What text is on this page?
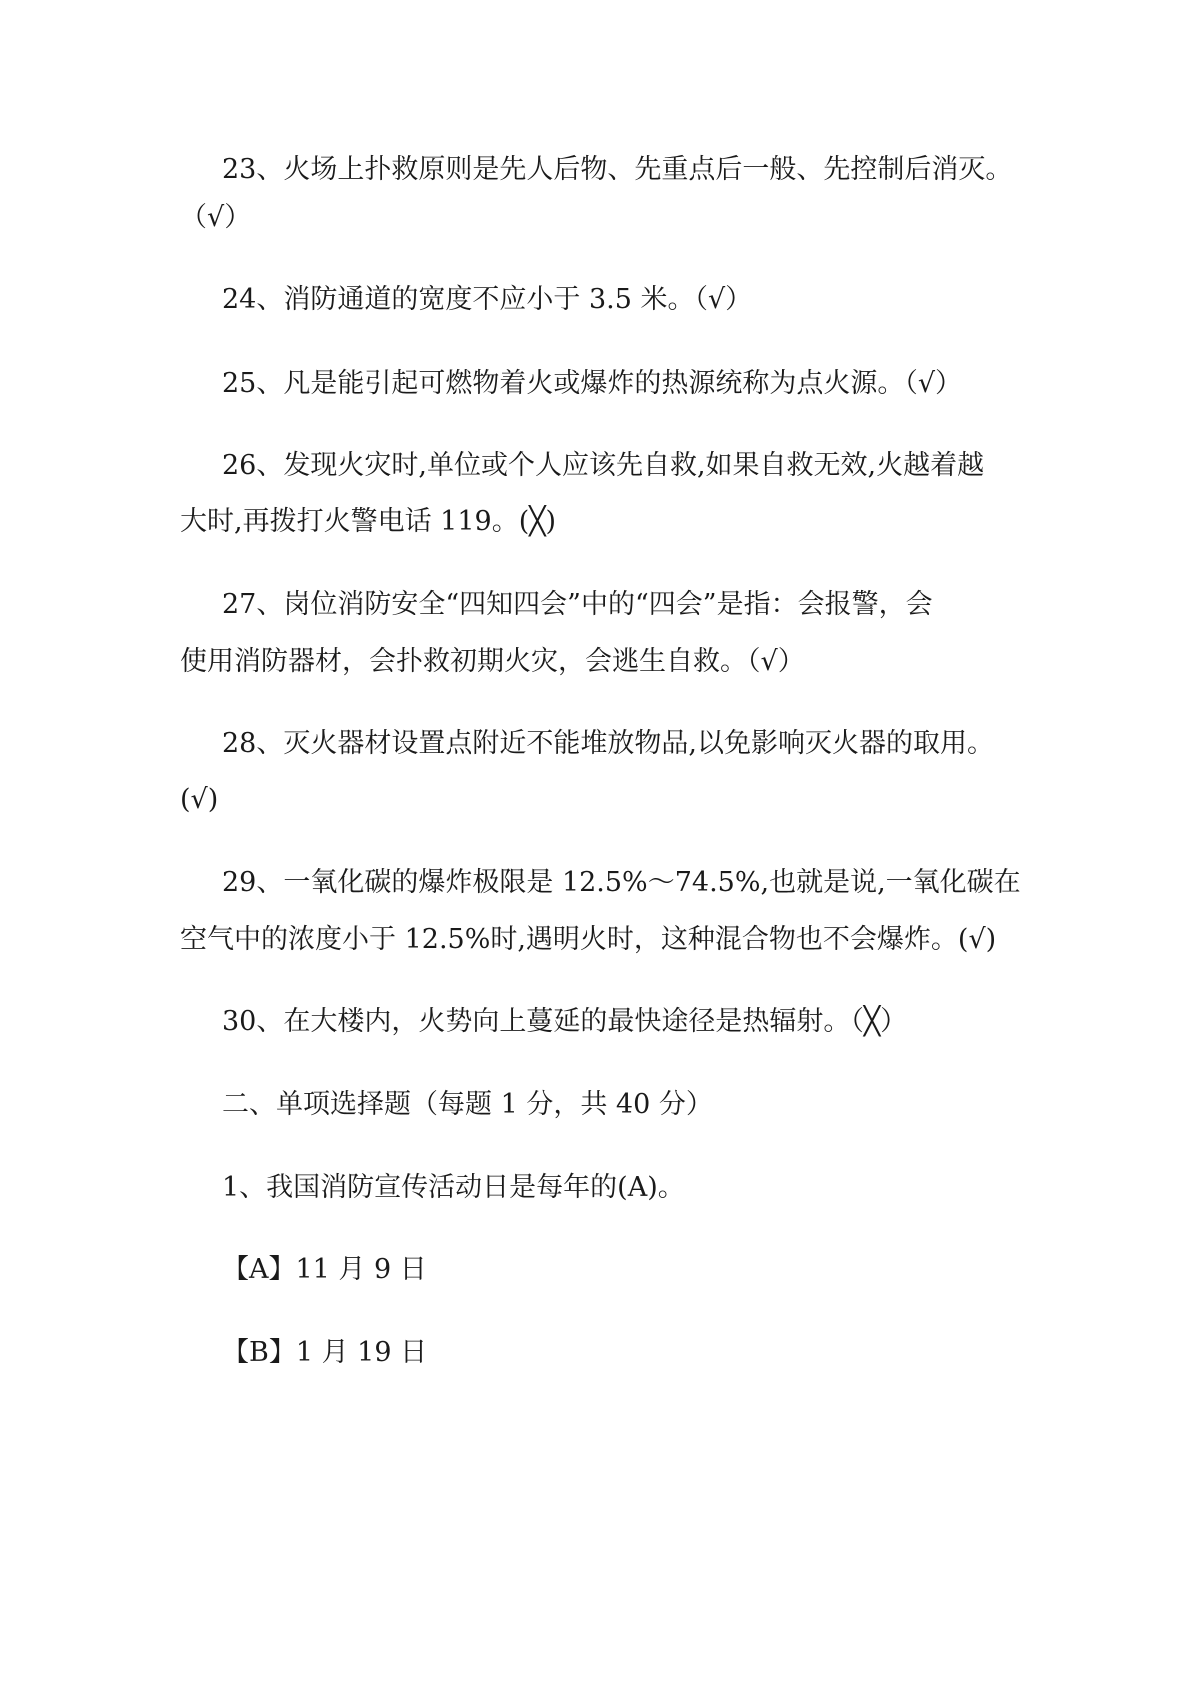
23、火场上扑救原则是先人后物、先重点后一般、先控制后消灭。
（√）
24、消防通道的宽度不应小于 3.5 米。（√）
25、凡是能引起可燃物着火或爆炸的热源统称为点火源。（√）
26、发现火灾时,单位或个人应该先自救,如果自救无效,火越着越
大时,再拨打火警电话 119。(╳)
27、岗位消防安全“四知四会”中的“四会”是指：会报警，会
使用消防器材，会扑救初期火灾，会逃生自救。（√）
28、灭火器材设置点附近不能堆放物品,以免影响灭火器的取用。
(√)
29、一氧化碳的爆炸极限是 12.5%～74.5%,也就是说,一氧化碳在
空气中的浓度小于 12.5%时,遇明火时，这种混合物也不会爆炸。(√)
30、在大楼内，火势向上蔓延的最快途径是热辐射。（╳）
二、单项选择题（每题 1 分，共 40 分）
1、我国消防宣传活动日是每年的(A)。
【A】11 月 9 日
【B】1 月 19 日
